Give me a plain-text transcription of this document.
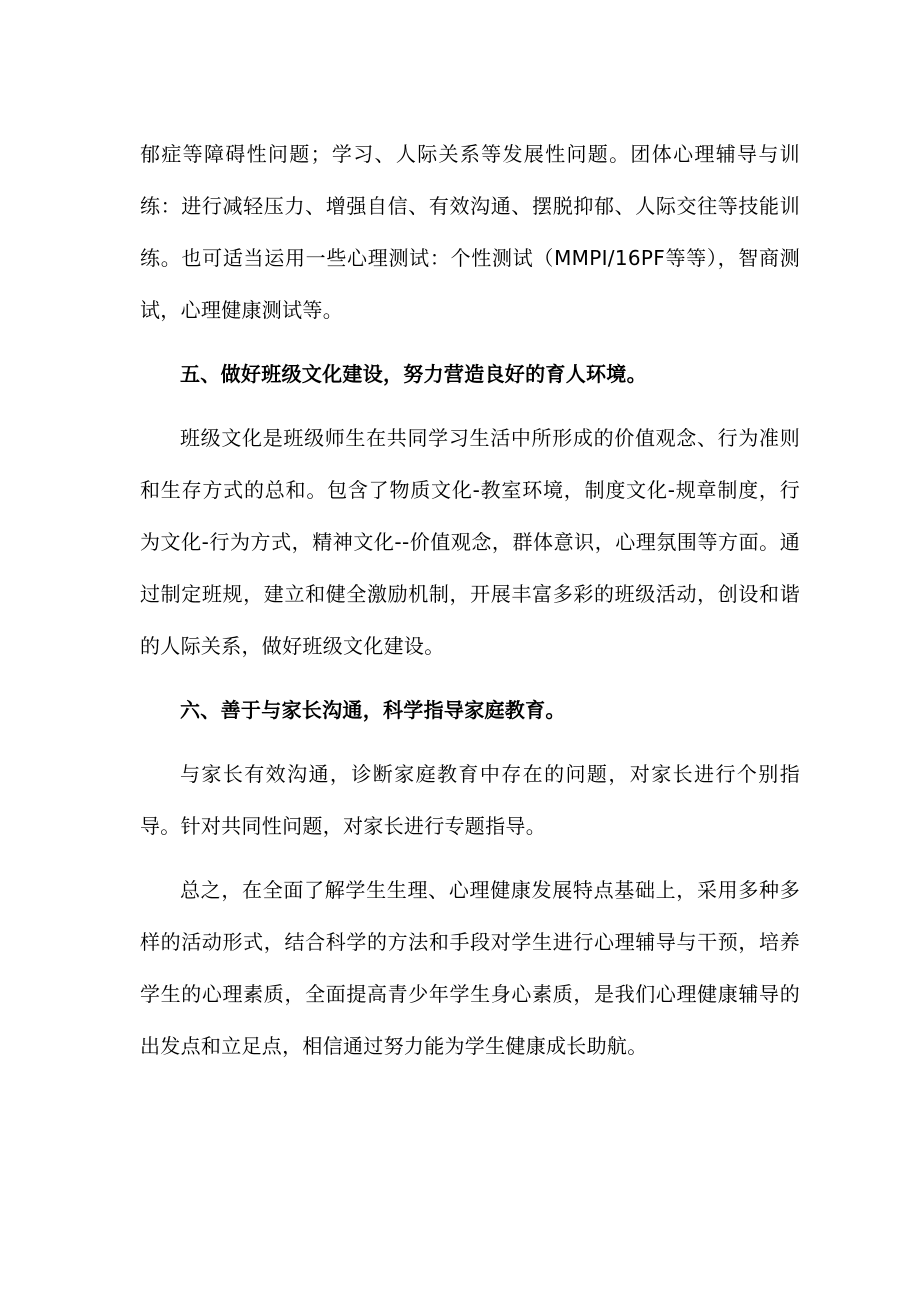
郁症等障碍性问题；学习、人际关系等发展性问题。团体心理辅导与训练：进行减轻压力、增强自信、有效沟通、摆脱抑郁、人际交往等技能训练。也可适当运用一些心理测试：个性测试（MMPI/16PF等等），智商测试，心理健康测试等。

五、做好班级文化建设，努力营造良好的育人环境。

班级文化是班级师生在共同学习生活中所形成的价值观念、行为准则和生存方式的总和。包含了物质文化-教室环境，制度文化-规章制度，行为文化-行为方式，精神文化--价值观念，群体意识，心理氛围等方面。通过制定班规，建立和健全激励机制，开展丰富多彩的班级活动，创设和谐的人际关系，做好班级文化建设。

六、善于与家长沟通，科学指导家庭教育。

与家长有效沟通，诊断家庭教育中存在的问题，对家长进行个别指导。针对共同性问题，对家长进行专题指导。

总之，在全面了解学生生理、心理健康发展特点基础上，采用多种多样的活动形式，结合科学的方法和手段对学生进行心理辅导与干预，培养学生的心理素质，全面提高青少年学生身心素质，是我们心理健康辅导的出发点和立足点，相信通过努力能为学生健康成长助航。
